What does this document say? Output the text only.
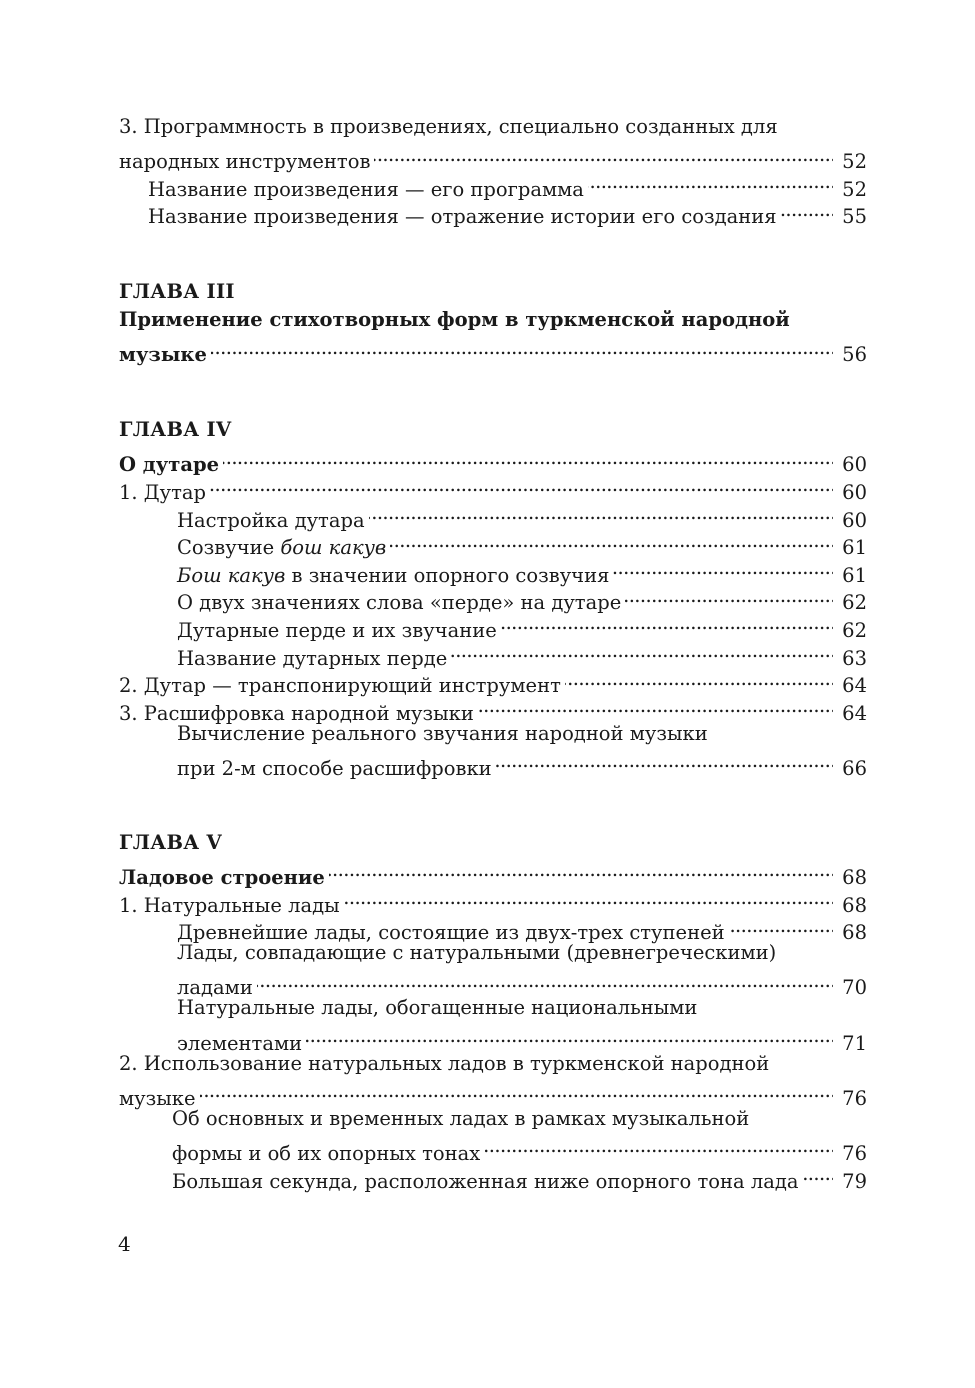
3. Программность в произведениях, специально созданных для
народных инструментов . . .	52
Название произведения — его программа . . .	52
Название произведения — отражение истории его создания . . .	55
ГЛАВА III
Применение стихотворных форм в туркменской народной
музыке . . .	56
ГЛАВА IV
О дутаре . . .	60
1. Дутар . . .	60
Настройка дутара . . .	60
Созвучие бош какув . . .	61
Бош какув в значении опорного созвучия . . .	61
О двух значениях слова «перде» на дутаре . . .	62
Дутарные перде и их звучание . . .	62
Название дутарных перде . . .	63
2. Дутар — транспонирующий инструмент . . .	64
3. Расшифровка народной музыки . . .	64
Вычисление реального звучания народной музыки
при 2-м способе расшифровки . . .	66
ГЛАВА V
Ладовое строение . . .	68
1. Натуральные лады . . .	68
Древнейшие лады, состоящие из двух-трех ступеней . . .	68
Лады, совпадающие с натуральными (древнегреческими)
ладами . . .	70
Натуральные лады, обогащенные национальными
элементами . . .	71
2. Использование натуральных ладов в туркменской народной
музыке . . .	76
Об основных и временных ладах в рамках музыкальной
формы и об их опорных тонах . . .	76
Большая секунда, расположенная ниже опорного тона лада . . . 79
4
